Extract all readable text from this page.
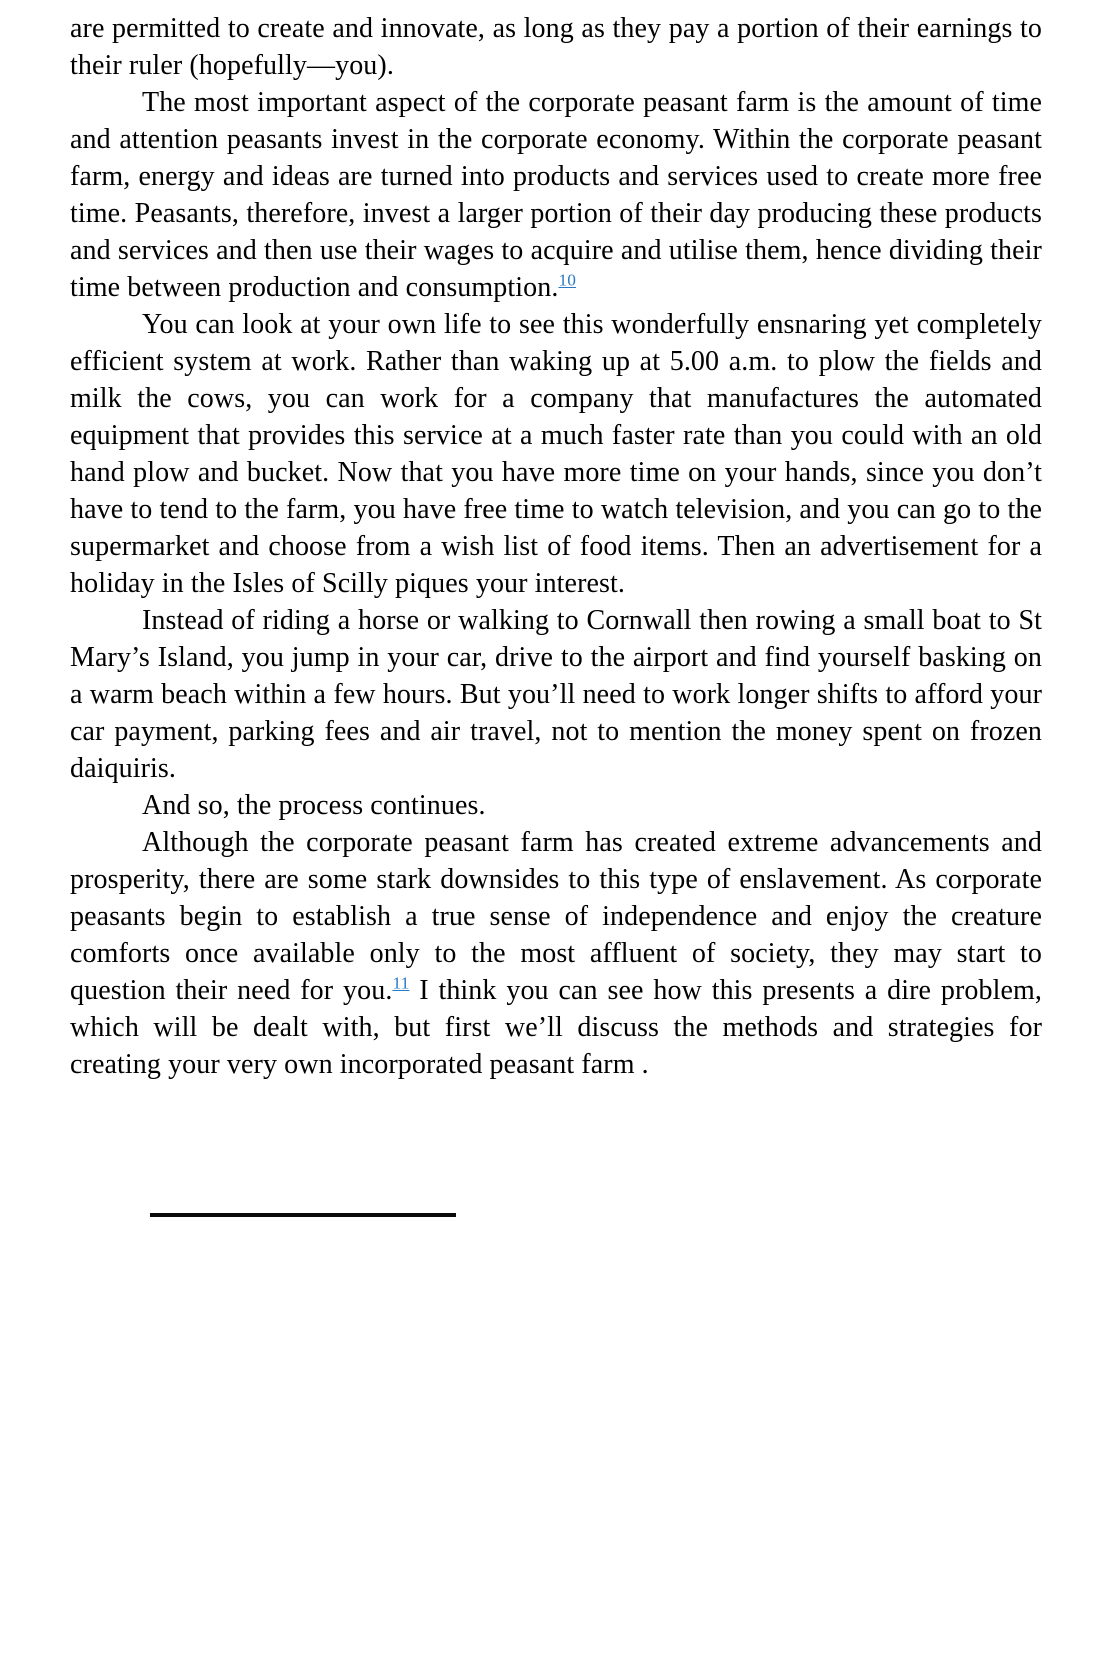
are permitted to create and innovate, as long as they pay a portion of their earnings to their ruler (hopefully—you).

The most important aspect of the corporate peasant farm is the amount of time and attention peasants invest in the corporate economy. Within the corporate peasant farm, energy and ideas are turned into products and services used to create more free time. Peasants, therefore, invest a larger portion of their day producing these products and services and then use their wages to acquire and utilise them, hence dividing their time between production and consumption.$^{10}$

You can look at your own life to see this wonderfully ensnaring yet completely efficient system at work. Rather than waking up at 5.00 a.m. to plow the fields and milk the cows, you can work for a company that manufactures the automated equipment that provides this service at a much faster rate than you could with an old hand plow and bucket. Now that you have more time on your hands, since you don’t have to tend to the farm, you have free time to watch television, and you can go to the supermarket and choose from a wish list of food items. Then an advertisement for a holiday in the Isles of Scilly piques your interest.

Instead of riding a horse or walking to Cornwall then rowing a small boat to St Mary’s Island, you jump in your car, drive to the airport and find yourself basking on a warm beach within a few hours. But you’ll need to work longer shifts to afford your car payment, parking fees and air travel, not to mention the money spent on frozen daiquiris.

And so, the process continues.

Although the corporate peasant farm has created extreme advancements and prosperity, there are some stark downsides to this type of enslavement. As corporate peasants begin to establish a true sense of independence and enjoy the creature comforts once available only to the most affluent of society, they may start to question their need for you.$^{11}$ I think you can see how this presents a dire problem, which will be dealt with, but first we’ll discuss the methods and strategies for creating your very own incorporated peasant farm .
